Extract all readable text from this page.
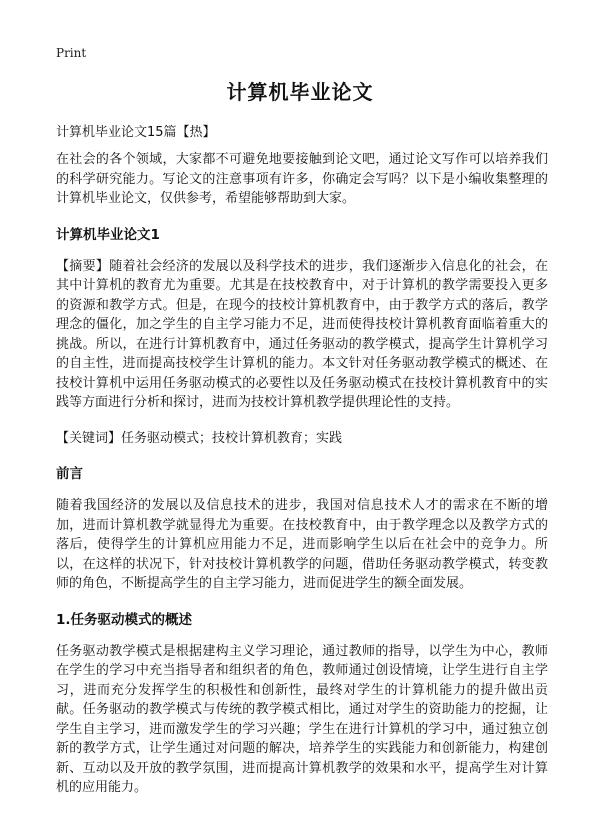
Print
计算机毕业论文

计算机毕业论文15篇【热】

在社会的各个领域，大家都不可避免地要接触到论文吧，通过论文写作可以培养我们的科学研究能力。写论文的注意事项有许多，你确定会写吗？以下是小编收集整理的计算机毕业论文，仅供参考，希望能够帮助到大家。

计算机毕业论文1

【摘要】随着社会经济的发展以及科学技术的进步，我们逐渐步入信息化的社会，在其中计算机的教育尤为重要。尤其是在技校教育中，对于计算机的教学需要投入更多的资源和教学方式。但是，在现今的技校计算机教育中，由于教学方式的落后，教学理念的僵化，加之学生的自主学习能力不足，进而使得技校计算机教育面临着重大的挑战。所以，在进行计算机教育中，通过任务驱动的教学模式，提高学生计算机学习的自主性，进而提高技校学生计算机的能力。本文针对任务驱动教学模式的概述、在技校计算机中运用任务驱动模式的必要性以及任务驱动模式在技校计算机教育中的实践等方面进行分析和探讨，进而为技校计算机教学提供理论性的支持。

【关键词】任务驱动模式；技校计算机教育；实践

前言

随着我国经济的发展以及信息技术的进步，我国对信息技术人才的需求在不断的增加，进而计算机教学就显得尤为重要。在技校教育中，由于教学理念以及教学方式的落后，使得学生的计算机应用能力不足，进而影响学生以后在社会中的竞争力。所以，在这样的状况下，针对技校计算机教学的问题，借助任务驱动教学模式，转变教师的角色，不断提高学生的自主学习能力，进而促进学生的额全面发展。

1.任务驱动模式的概述

任务驱动教学模式是根据建构主义学习理论，通过教师的指导，以学生为中心，教师在学生的学习中充当指导者和组织者的角色，教师通过创设情境，让学生进行自主学习，进而充分发挥学生的积极性和创新性，最终对学生的计算机能力的提升做出贡献。任务驱动的教学模式与传统的教学模式相比，通过对学生的资助能力的挖掘，让学生自主学习，进而激发学生的学习兴趣；学生在进行计算机的学习中，通过独立创新的教学方式，让学生通过对问题的解决，培养学生的实践能力和创新能力，构建创新、互动以及开放的教学氛围，进而提高计算机教学的效果和水平，提高学生对计算机的应用能力。
